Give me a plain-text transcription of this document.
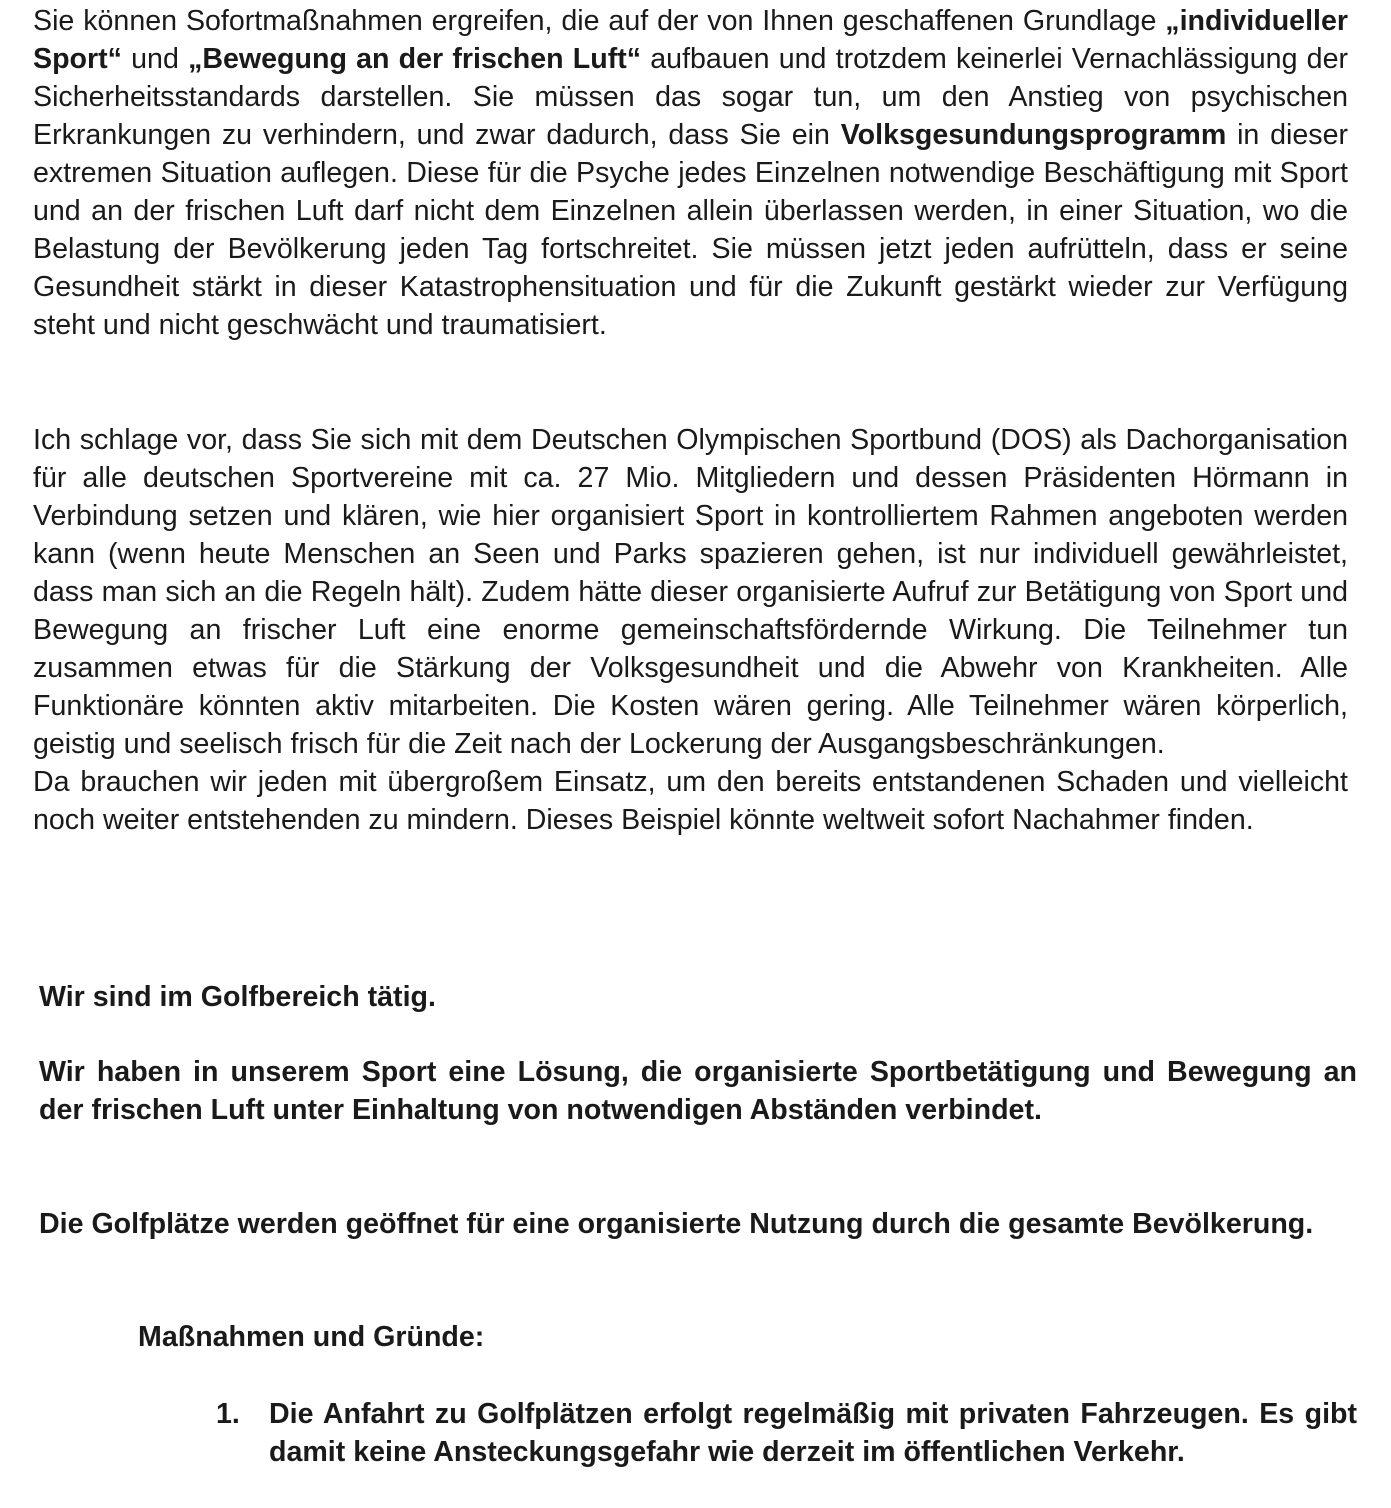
Sie können Sofortmaßnahmen ergreifen, die auf der von Ihnen geschaffenen Grundlage „individueller Sport“ und „Bewegung an der frischen Luft“ aufbauen und trotzdem keinerlei Vernachlässigung der Sicherheitsstandards darstellen. Sie müssen das sogar tun, um den Anstieg von psychischen Erkrankungen zu verhindern, und zwar dadurch, dass Sie ein Volksgesundungsprogramm in dieser extremen Situation auflegen. Diese für die Psyche jedes Einzelnen notwendige Beschäftigung mit Sport und an der frischen Luft darf nicht dem Einzelnen allein überlassen werden, in einer Situation, wo die Belastung der Bevölkerung jeden Tag fortschreitet. Sie müssen jetzt jeden aufrütteln, dass er seine Gesundheit stärkt in dieser Katastrophensituation und für die Zukunft gestärkt wieder zur Verfügung steht und nicht geschwächt und traumatisiert.

Ich schlage vor, dass Sie sich mit dem Deutschen Olympischen Sportbund (DOS) als Dachorganisation für alle deutschen Sportvereine mit ca. 27 Mio. Mitgliedern und dessen Präsidenten Hörmann in Verbindung setzen und klären, wie hier organisiert Sport in kontrolliertem Rahmen angeboten werden kann (wenn heute Menschen an Seen und Parks spazieren gehen, ist nur individuell gewährleistet, dass man sich an die Regeln hält). Zudem hätte dieser organisierte Aufruf zur Betätigung von Sport und Bewegung an frischer Luft eine enorme gemeinschaftsfördernde Wirkung. Die Teilnehmer tun zusammen etwas für die Stärkung der Volksgesundheit und die Abwehr von Krankheiten. Alle Funktionäre könnten aktiv mitarbeiten. Die Kosten wären gering. Alle Teilnehmer wären körperlich, geistig und seelisch frisch für die Zeit nach der Lockerung der Ausgangsbeschränkungen.
Da brauchen wir jeden mit übergroßem Einsatz, um den bereits entstandenen Schaden und vielleicht noch weiter entstehenden zu mindern. Dieses Beispiel könnte weltweit sofort Nachahmer finden.

Wir sind im Golfbereich tätig.

Wir haben in unserem Sport eine Lösung, die organisierte Sportbetätigung und Bewegung an der frischen Luft unter Einhaltung von notwendigen Abständen verbindet.

Die Golfplätze werden geöffnet für eine organisierte Nutzung durch die gesamte Bevölkerung.

Maßnahmen und Gründe:

1. Die Anfahrt zu Golfplätzen erfolgt regelmäßig mit privaten Fahrzeugen. Es gibt damit keine Ansteckungsgefahr wie derzeit im öffentlichen Verkehr.
